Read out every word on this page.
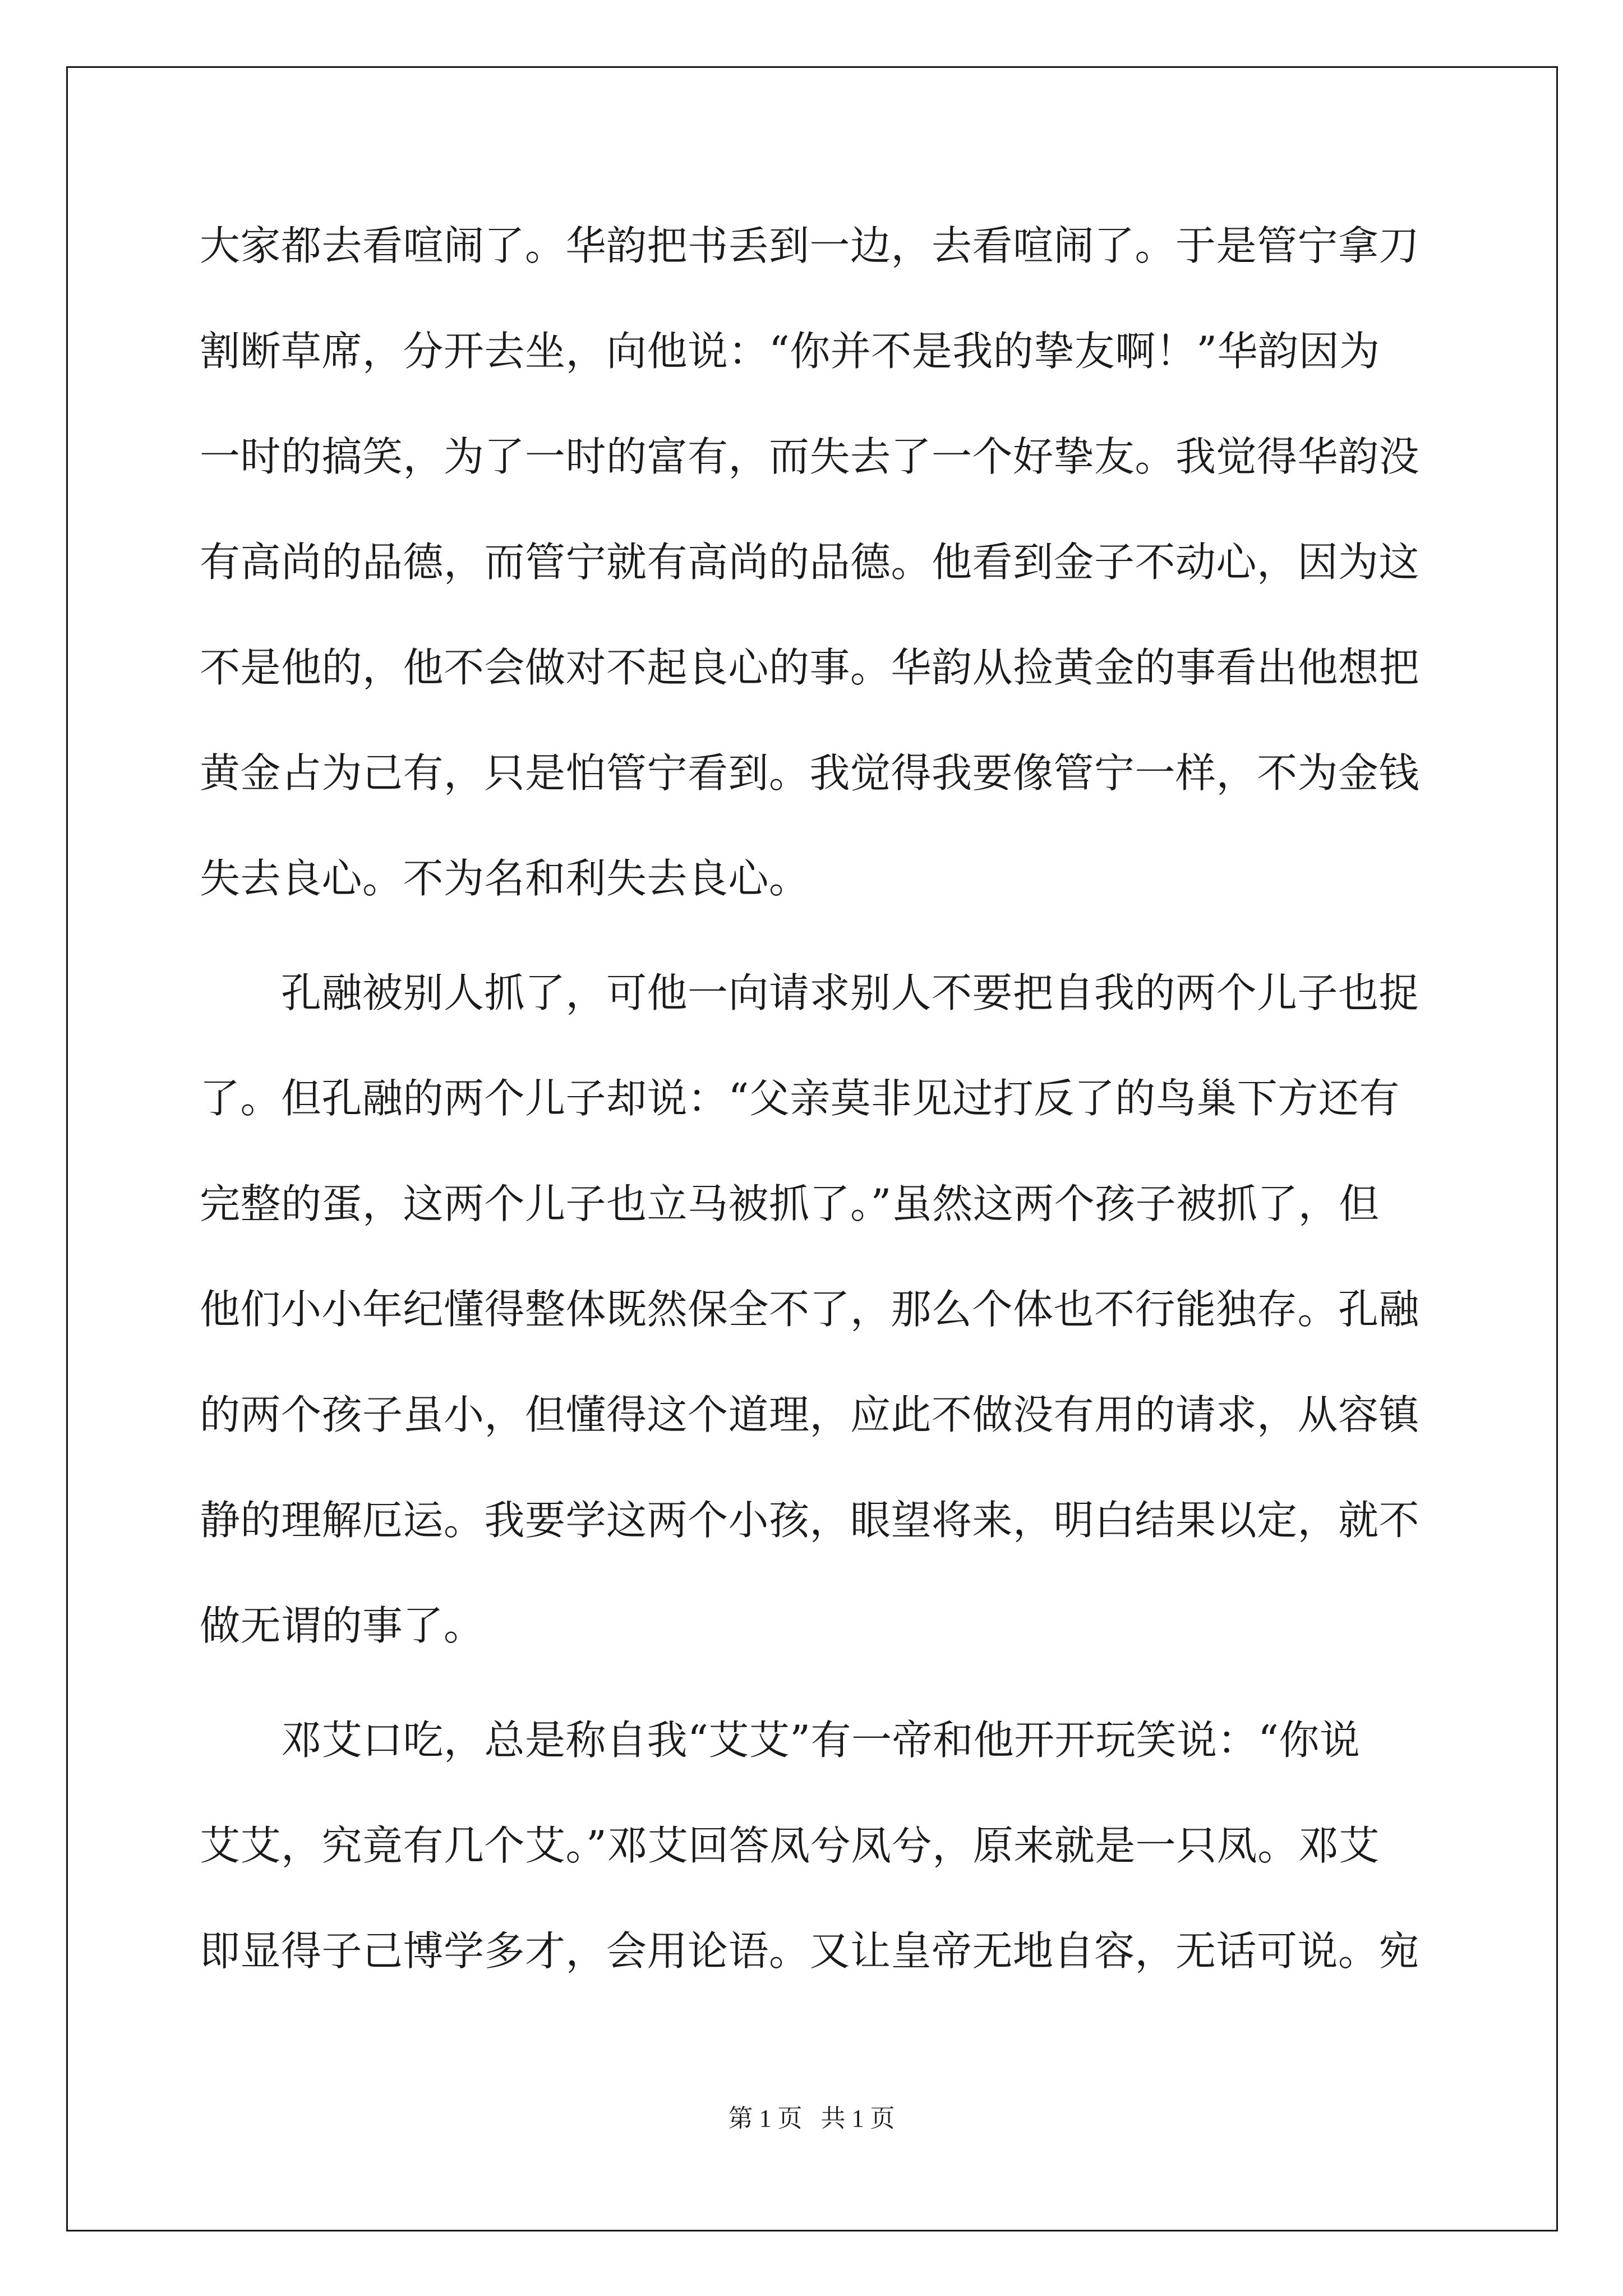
大家都去看喧闹了。华韵把书丢到一边，去看喧闹了。于是管宁拿刀
割断草席，分开去坐，向他说：“你并不是我的挚友啊！”华韵因为
一时的搞笑，为了一时的富有，而失去了一个好挚友。我觉得华韵没
有高尚的品德，而管宁就有高尚的品德。他看到金子不动心，因为这
不是他的，他不会做对不起良心的事。华韵从捡黄金的事看出他想把
黄金占为己有，只是怕管宁看到。我觉得我要像管宁一样，不为金钱
失去良心。不为名和利失去良心。
　　孔融被别人抓了，可他一向请求别人不要把自我的两个儿子也捉
了。但孔融的两个儿子却说：“父亲莫非见过打反了的鸟巢下方还有
完整的蛋，这两个儿子也立马被抓了。”虽然这两个孩子被抓了，但
他们小小年纪懂得整体既然保全不了，那么个体也不行能独存。孔融
的两个孩子虽小，但懂得这个道理，应此不做没有用的请求，从容镇
静的理解厄运。我要学这两个小孩，眼望将来，明白结果以定，就不
做无谓的事了。
　　邓艾口吃，总是称自我“艾艾”有一帝和他开开玩笑说：“你说
艾艾，究竟有几个艾。”邓艾回答凤兮凤兮，原来就是一只凤。邓艾
即显得子己博学多才，会用论语。又让皇帝无地自容，无话可说。宛
第 1 页   共 1 页
